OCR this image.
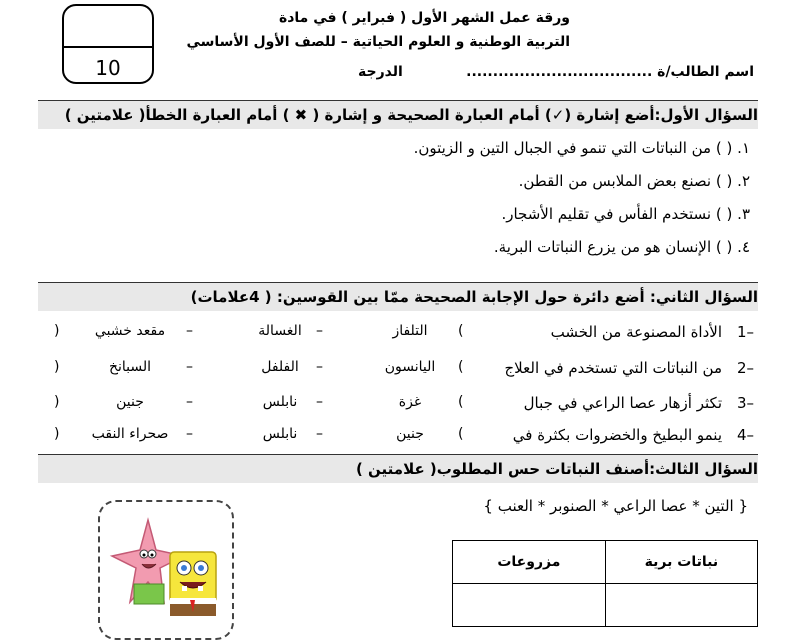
10
ورقة عمل الشهر الأول ( فبراير ) في مادة
التربية الوطنية و العلوم الحياتية – للصف الأول الأساسي
اسم الطالب/ة ...................................
الدرجة
السؤال الأول:أضع إشارة (✓) أمام العبارة الصحيحة و إشارة ( ✖ ) أمام العبارة الخطأ( علامتين )
١. ( ) من النباتات التي تنمو في الجبال التين و الزيتون.
٢. ( ) نصنع بعض الملابس من القطن.
٣. ( ) نستخدم الفأس في تقليم الأشجار.
٤. ( ) الإنسان هو من يزرع النباتات البرية.
السؤال الثاني: أضع دائرة حول الإجابة الصحيحة ممّا بين القوسين: ( 4علامات)
1–
الأداة المصنوعة من الخشب
(
التلفاز
–
الغسالة
–
مقعد خشبي
)
2–
من النباتات التي تستخدم في العلاج
(
اليانسون
–
الفلفل
–
السبانخ
)
3–
تكثر أزهار عصا الراعي في جبال
(
غزة
–
نابلس
–
جنين
)
4–
ينمو البطيخ والخضروات بكثرة في
(
جنين
–
نابلس
–
صحراء النقب
)
السؤال الثالث:أصنف النباتات حس المطلوب( علامتين )
{ التين * عصا الراعي * الصنوبر * العنب }
مزروعات	نباتات برية
